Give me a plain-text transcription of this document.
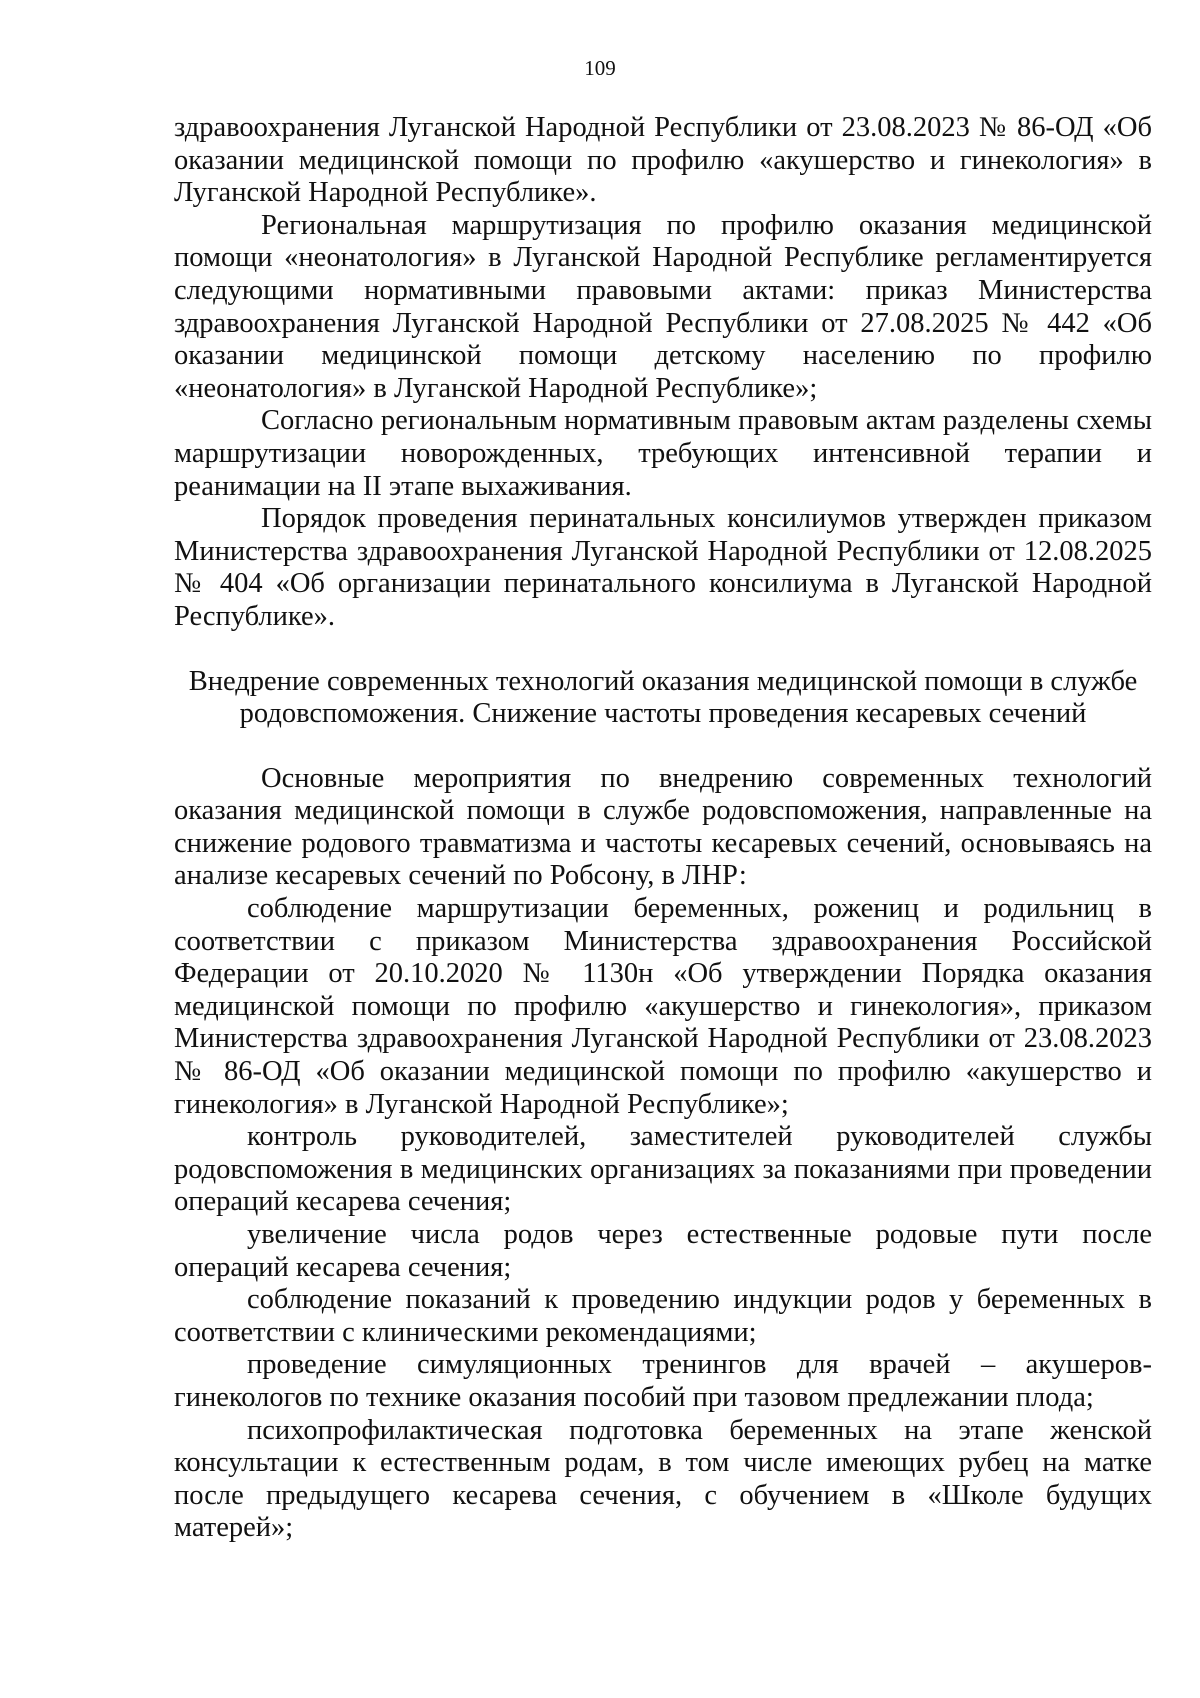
109

здравоохранения Луганской Народной Республики от 23.08.2023 № 86-ОД «Об оказании медицинской помощи по профилю «акушерство и гинекология» в Луганской Народной Республике».

Региональная маршрутизация по профилю оказания медицинской помощи «неонатология» в Луганской Народной Республике регламентируется следующими нормативными правовыми актами: приказ Министерства здравоохранения Луганской Народной Республики от 27.08.2025 № 442 «Об оказании медицинской помощи детскому населению по профилю «неонатология» в Луганской Народной Республике»;

Согласно региональным нормативным правовым актам разделены схемы маршрутизации новорожденных, требующих интенсивной терапии и реанимации на II этапе выхаживания.

Порядок проведения перинатальных консилиумов утвержден приказом Министерства здравоохранения Луганской Народной Республики от 12.08.2025 № 404 «Об организации перинатального консилиума в Луганской Народной Республике».

Внедрение современных технологий оказания медицинской помощи в службе родовспоможения. Снижение частоты проведения кесаревых сечений

Основные мероприятия по внедрению современных технологий оказания медицинской помощи в службе родовспоможения, направленные на снижение родового травматизма и частоты кесаревых сечений, основываясь на анализе кесаревых сечений по Робсону, в ЛНР:

соблюдение маршрутизации беременных, рожениц и родильниц в соответствии с приказом Министерства здравоохранения Российской Федерации от 20.10.2020 № 1130н «Об утверждении Порядка оказания медицинской помощи по профилю «акушерство и гинекология», приказом Министерства здравоохранения Луганской Народной Республики от 23.08.2023 № 86-ОД «Об оказании медицинской помощи по профилю «акушерство и гинекология» в Луганской Народной Республике»;

контроль руководителей, заместителей руководителей службы родовспоможения в медицинских организациях за показаниями при проведении операций кесарева сечения;

увеличение числа родов через естественные родовые пути после операций кесарева сечения;

соблюдение показаний к проведению индукции родов у беременных в соответствии с клиническими рекомендациями;

проведение симуляционных тренингов для врачей – акушеров-гинекологов по технике оказания пособий при тазовом предлежании плода;

психопрофилактическая подготовка беременных на этапе женской консультации к естественным родам, в том числе имеющих рубец на матке после предыдущего кесарева сечения, с обучением в «Школе будущих матерей»;
